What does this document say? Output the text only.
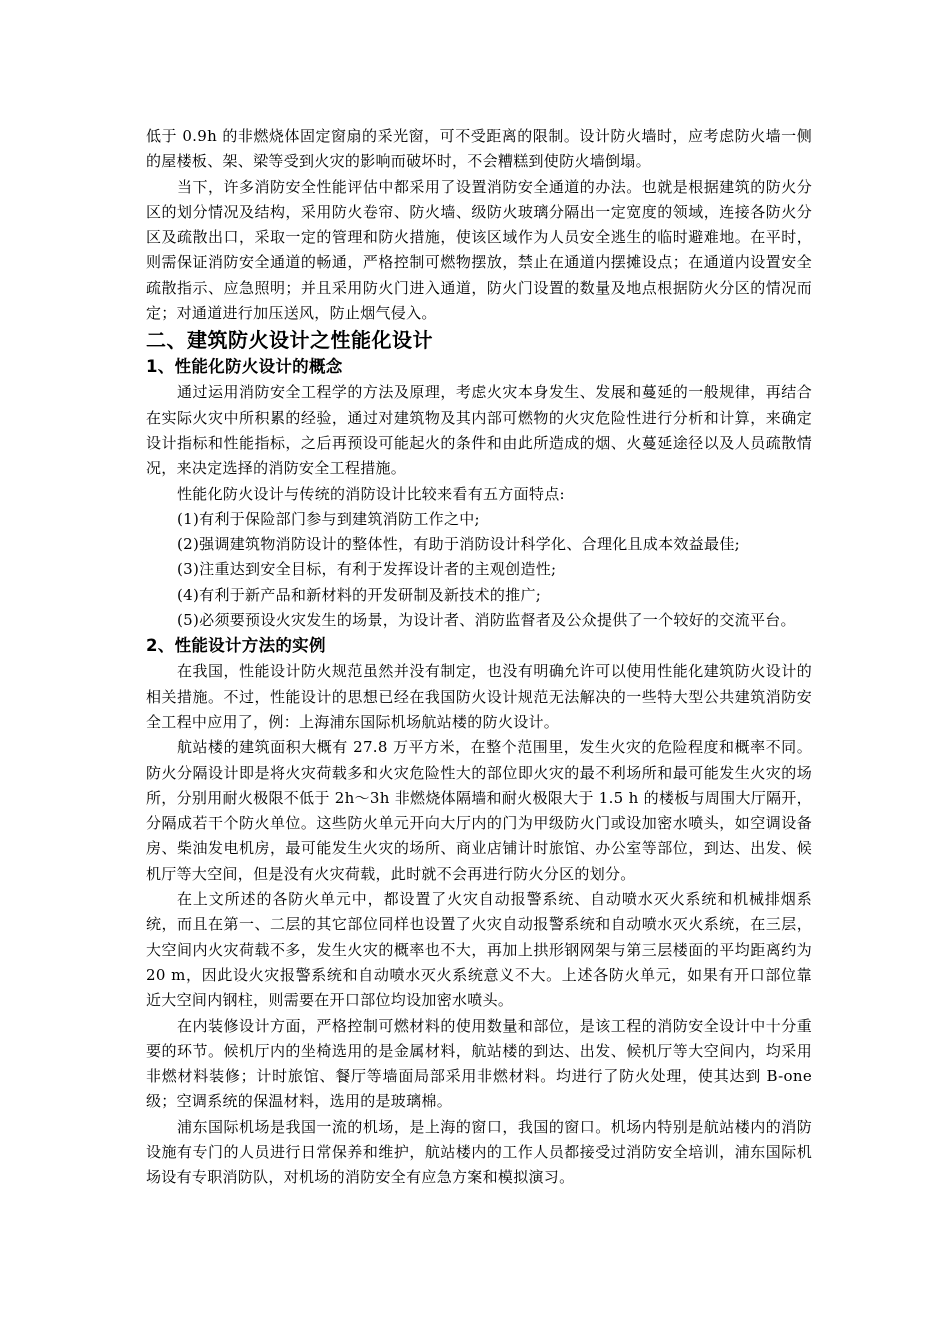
低于 0.9h 的非燃烧体固定窗扇的采光窗，可不受距离的限制。设计防火墙时，应考虑防火墙一侧的屋楼板、架、梁等受到火灾的影响而破坏时，不会糟糕到使防火墙倒塌。

当下，许多消防安全性能评估中都采用了设置消防安全通道的办法。也就是根据建筑的防火分区的划分情况及结构，采用防火卷帘、防火墙、级防火玻璃分隔出一定宽度的领域，连接各防火分区及疏散出口，采取一定的管理和防火措施，使该区域作为人员安全逃生的临时避难地。在平时，则需保证消防安全通道的畅通，严格控制可燃物摆放，禁止在通道内摆摊设点；在通道内设置安全疏散指示、应急照明；并且采用防火门进入通道，防火门设置的数量及地点根据防火分区的情况而定；对通道进行加压送风，防止烟气侵入。

二、建筑防火设计之性能化设计
1、性能化防火设计的概念

通过运用消防安全工程学的方法及原理，考虑火灾本身发生、发展和蔓延的一般规律，再结合在实际火灾中所积累的经验，通过对建筑物及其内部可燃物的火灾危险性进行分析和计算，来确定设计指标和性能指标，之后再预设可能起火的条件和由此所造成的烟、火蔓延途径以及人员疏散情况，来决定选择的消防安全工程措施。

性能化防火设计与传统的消防设计比较来看有五方面特点:

(1)有利于保险部门参与到建筑消防工作之中;

(2)强调建筑物消防设计的整体性，有助于消防设计科学化、合理化且成本效益最佳;

(3)注重达到安全目标，有利于发挥设计者的主观创造性;

(4)有利于新产品和新材料的开发研制及新技术的推广;

(5)必须要预设火灾发生的场景，为设计者、消防监督者及公众提供了一个较好的交流平台。

2、性能设计方法的实例

在我国，性能设计防火规范虽然并没有制定，也没有明确允许可以使用性能化建筑防火设计的相关措施。不过，性能设计的思想已经在我国防火设计规范无法解决的一些特大型公共建筑消防安全工程中应用了，例：上海浦东国际机场航站楼的防火设计。

航站楼的建筑面积大概有 27.8 万平方米，在整个范围里，发生火灾的危险程度和概率不同。防火分隔设计即是将火灾荷载多和火灾危险性大的部位即火灾的最不利场所和最可能发生火灾的场所，分别用耐火极限不低于 2h～3h 非燃烧体隔墙和耐火极限大于 1.5 h 的楼板与周围大厅隔开，分隔成若干个防火单位。这些防火单元开向大厅内的门为甲级防火门或设加密水喷头，如空调设备房、柴油发电机房，最可能发生火灾的场所、商业店铺计时旅馆、办公室等部位，到达、出发、候机厅等大空间，但是没有火灾荷载，此时就不会再进行防火分区的划分。

在上文所述的各防火单元中，都设置了火灾自动报警系统、自动喷水灭火系统和机械排烟系统，而且在第一、二层的其它部位同样也设置了火灾自动报警系统和自动喷水灭火系统，在三层，大空间内火灾荷载不多，发生火灾的概率也不大，再加上拱形钢网架与第三层楼面的平均距离约为 20 m，因此设火灾报警系统和自动喷水灭火系统意义不大。上述各防火单元，如果有开口部位靠近大空间内钢柱，则需要在开口部位均设加密水喷头。

在内装修设计方面，严格控制可燃材料的使用数量和部位，是该工程的消防安全设计中十分重要的环节。候机厅内的坐椅选用的是金属材料，航站楼的到达、出发、候机厅等大空间内，均采用非燃材料装修；计时旅馆、餐厅等墙面局部采用非燃材料。均进行了防火处理，使其达到 B-one 级；空调系统的保温材料，选用的是玻璃棉。

浦东国际机场是我国一流的机场，是上海的窗口，我国的窗口。机场内特别是航站楼内的消防设施有专门的人员进行日常保养和维护，航站楼内的工作人员都接受过消防安全培训，浦东国际机场设有专职消防队，对机场的消防安全有应急方案和模拟演习。
